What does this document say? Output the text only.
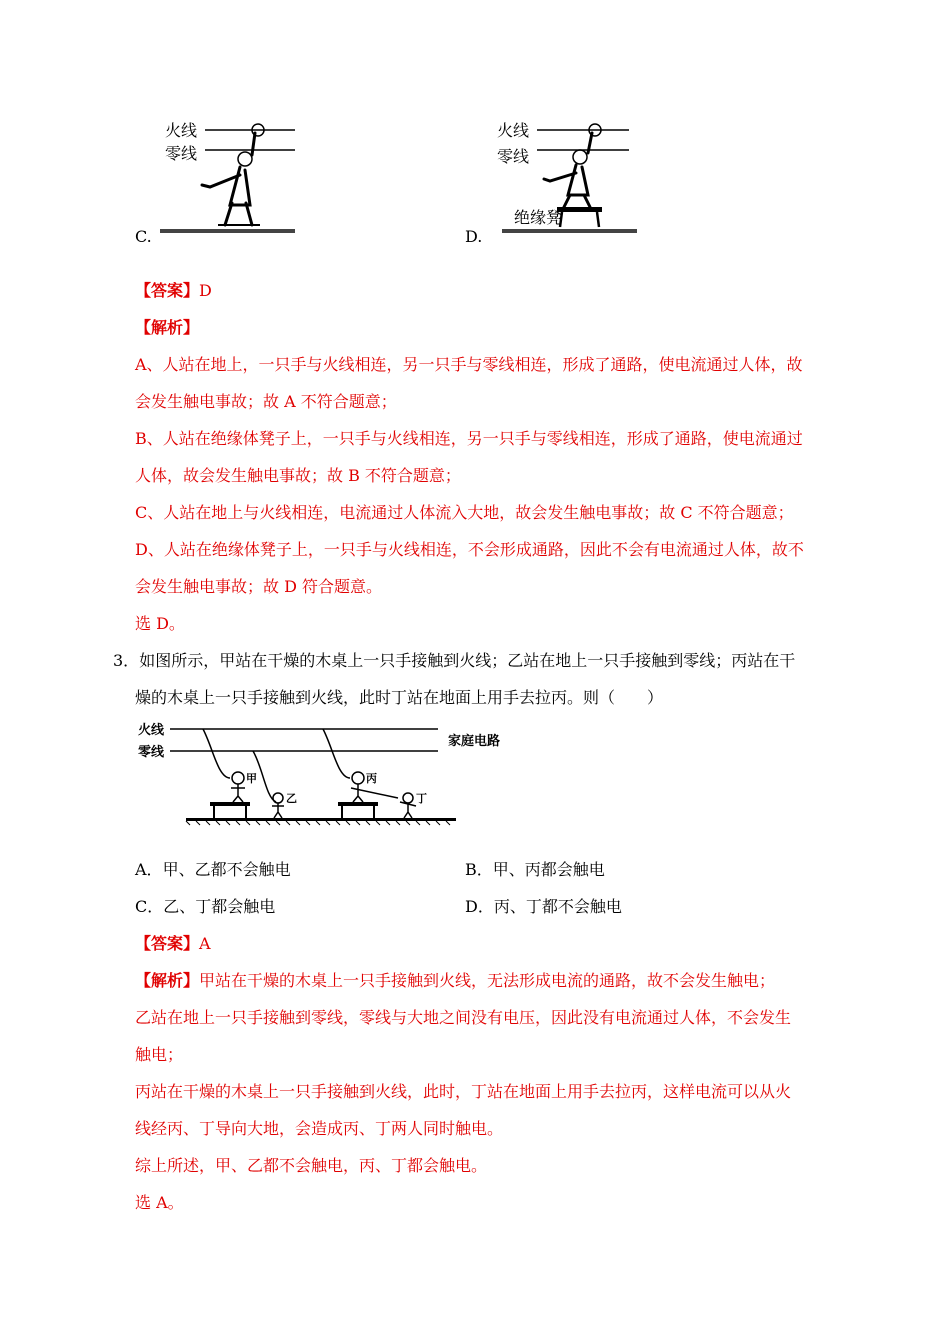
C.
火线
零线
D.
火线
零线
绝缘凳
【答案】D
【解析】
A、人站在地上，一只手与火线相连，另一只手与零线相连，形成了通路，使电流通过人体，故
会发生触电事故；故 A 不符合题意；
B、人站在绝缘体凳子上，一只手与火线相连，另一只手与零线相连，形成了通路，使电流通过
人体，故会发生触电事故；故 B 不符合题意；
C、人站在地上与火线相连，电流通过人体流入大地，故会发生触电事故；故 C 不符合题意；
D、人站在绝缘体凳子上，一只手与火线相连，不会形成通路，因此不会有电流通过人体，故不
会发生触电事故；故 D 符合题意。
选 D。
3．如图所示，甲站在干燥的木桌上一只手接触到火线；乙站在地上一只手接触到零线；丙站在干
燥的木桌上一只手接触到火线，此时丁站在地面上用手去拉丙。则（　　）
火线
零线
家庭电路
甲
乙
丙
丁
A．甲、乙都不会触电	B．甲、丙都会触电
C．乙、丁都会触电	D．丙、丁都不会触电
【答案】A
【解析】甲站在干燥的木桌上一只手接触到火线，无法形成电流的通路，故不会发生触电；
乙站在地上一只手接触到零线，零线与大地之间没有电压，因此没有电流通过人体，不会发生
触电；
丙站在干燥的木桌上一只手接触到火线，此时，丁站在地面上用手去拉丙，这样电流可以从火
线经丙、丁导向大地，会造成丙、丁两人同时触电。
综上所述，甲、乙都不会触电，丙、丁都会触电。
选 A。
